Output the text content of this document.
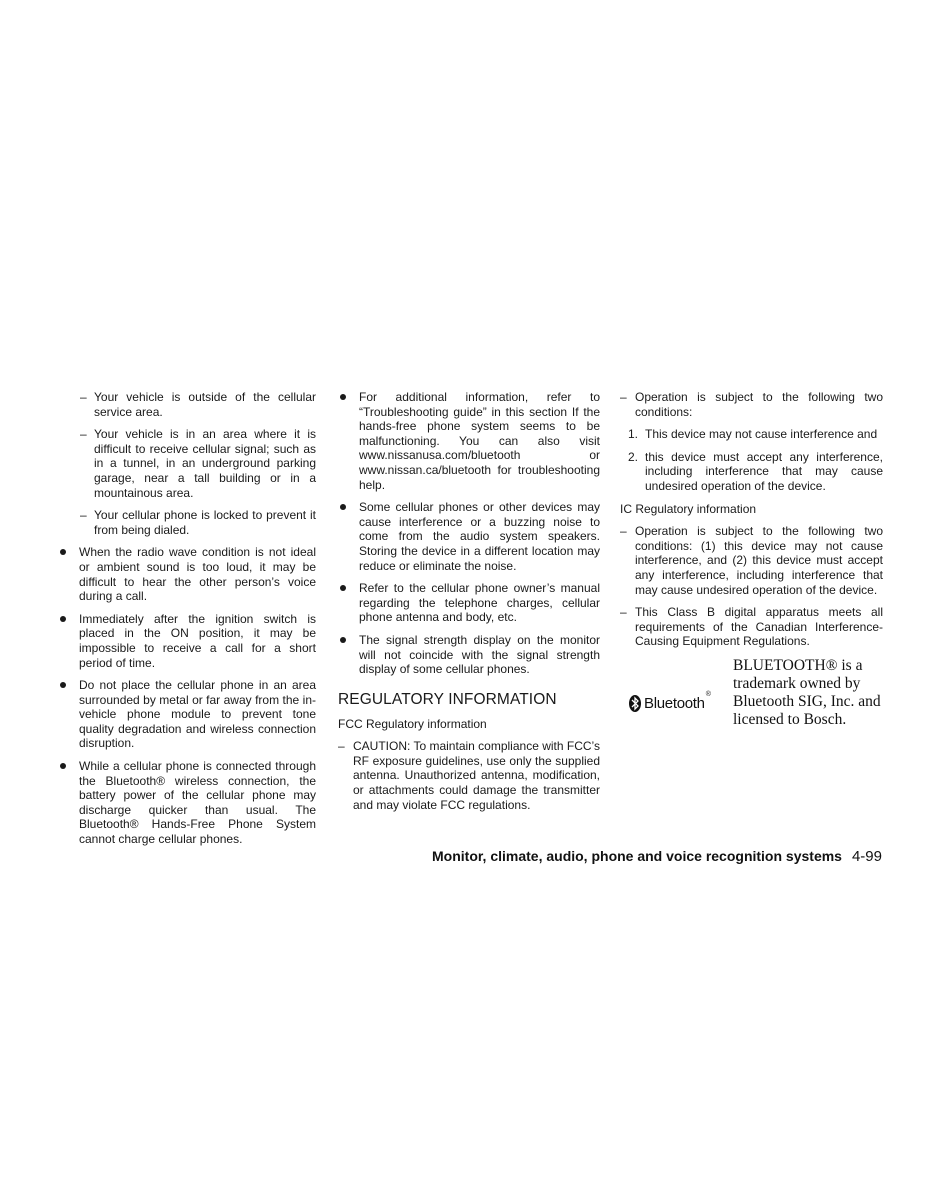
– Your vehicle is outside of the cellular service area.
– Your vehicle is in an area where it is difficult to receive cellular signal; such as in a tunnel, in an underground parking garage, near a tall building or in a mountainous area.
– Your cellular phone is locked to prevent it from being dialed.
When the radio wave condition is not ideal or ambient sound is too loud, it may be difficult to hear the other person’s voice during a call.
Immediately after the ignition switch is placed in the ON position, it may be impossible to receive a call for a short period of time.
Do not place the cellular phone in an area surrounded by metal or far away from the in-vehicle phone module to prevent tone quality degradation and wireless connection disruption.
While a cellular phone is connected through the Bluetooth® wireless connection, the battery power of the cellular phone may discharge quicker than usual. The Bluetooth® Hands-Free Phone System cannot charge cellular phones.
For additional information, refer to “Troubleshooting guide” in this section If the hands-free phone system seems to be malfunctioning. You can also visit www.nissanusa.com/bluetooth or www.nissan.ca/bluetooth for troubleshooting help.
Some cellular phones or other devices may cause interference or a buzzing noise to come from the audio system speakers. Storing the device in a different location may reduce or eliminate the noise.
Refer to the cellular phone owner’s manual regarding the telephone charges, cellular phone antenna and body, etc.
The signal strength display on the monitor will not coincide with the signal strength display of some cellular phones.
REGULATORY INFORMATION
FCC Regulatory information
– CAUTION: To maintain compliance with FCC’s RF exposure guidelines, use only the supplied antenna. Unauthorized antenna, modification, or attachments could damage the transmitter and may violate FCC regulations.
– Operation is subject to the following two conditions:
1. This device may not cause interference and
2. this device must accept any interference, including interference that may cause undesired operation of the device.
IC Regulatory information
– Operation is subject to the following two conditions: (1) this device may not cause interference, and (2) this device must accept any interference, including interference that may cause undesired operation of the device.
– This Class B digital apparatus meets all requirements of the Canadian Interference-Causing Equipment Regulations.
Bluetooth®
BLUETOOTH® is a trademark owned by Bluetooth SIG, Inc. and licensed to Bosch.
Monitor, climate, audio, phone and voice recognition systems 4-99
